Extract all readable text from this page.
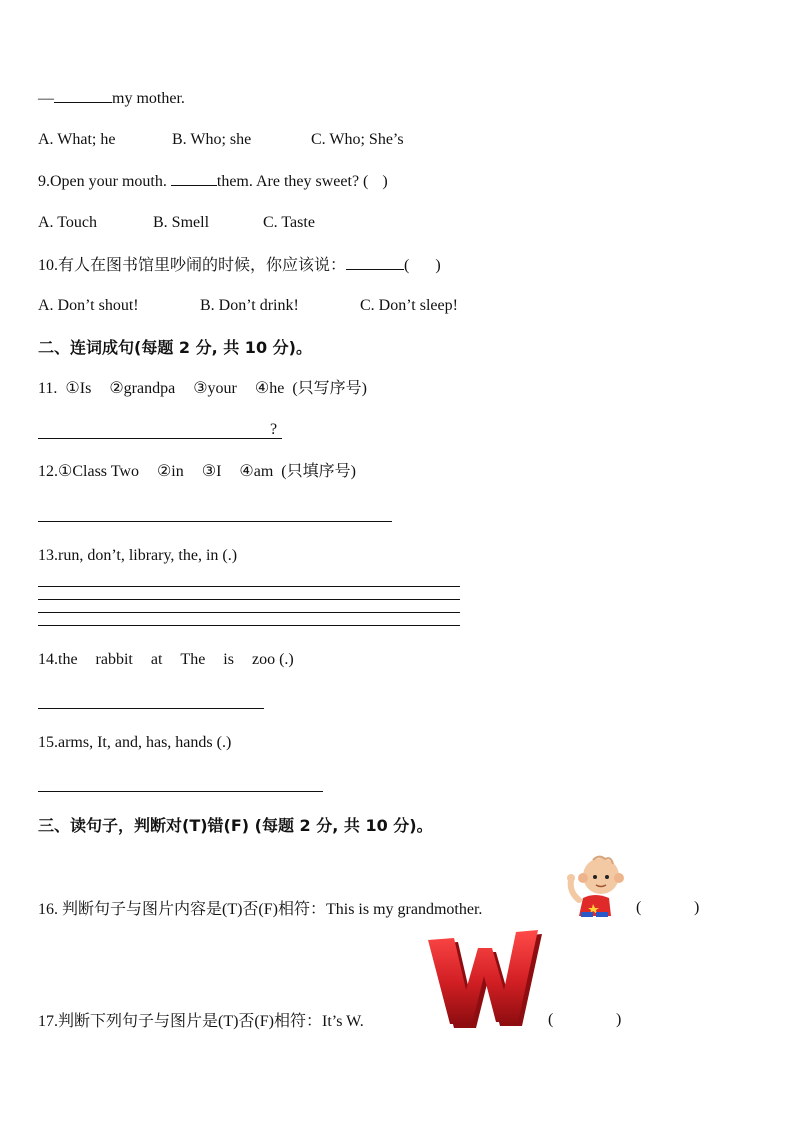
—	my mother.
A. What; he	B. Who; she	C. Who; She’s
9.Open your mouth.	them. Are they sweet? ( )
A. Touch	B. Smell	C. Taste
10.有人在图书馆里吵闹的时候，你应该说：	( )
A. Don’t shout!	B. Don’t drink!	C. Don’t sleep!
二、连词成句(每题 2 分, 共 10 分)。
11. ①Is ②grandpa ③your ④he (只写序号)
?
12.①Class Two ②in ③I ④am (只填序号)
13.run, don’t, library, the, in (.)
14.the rabbit at The is zoo (.)
15.arms, It, and, has, hands (.)
三、读句子，判断对(T)错(F) (每题 2 分, 共 10 分)。
16. 判断句子与图片内容是(T)否(F)相符：This is my grandmother.	(	)
17.判断下列句子与图片是(T)否(F)相符：It’s W.
W
(	)
